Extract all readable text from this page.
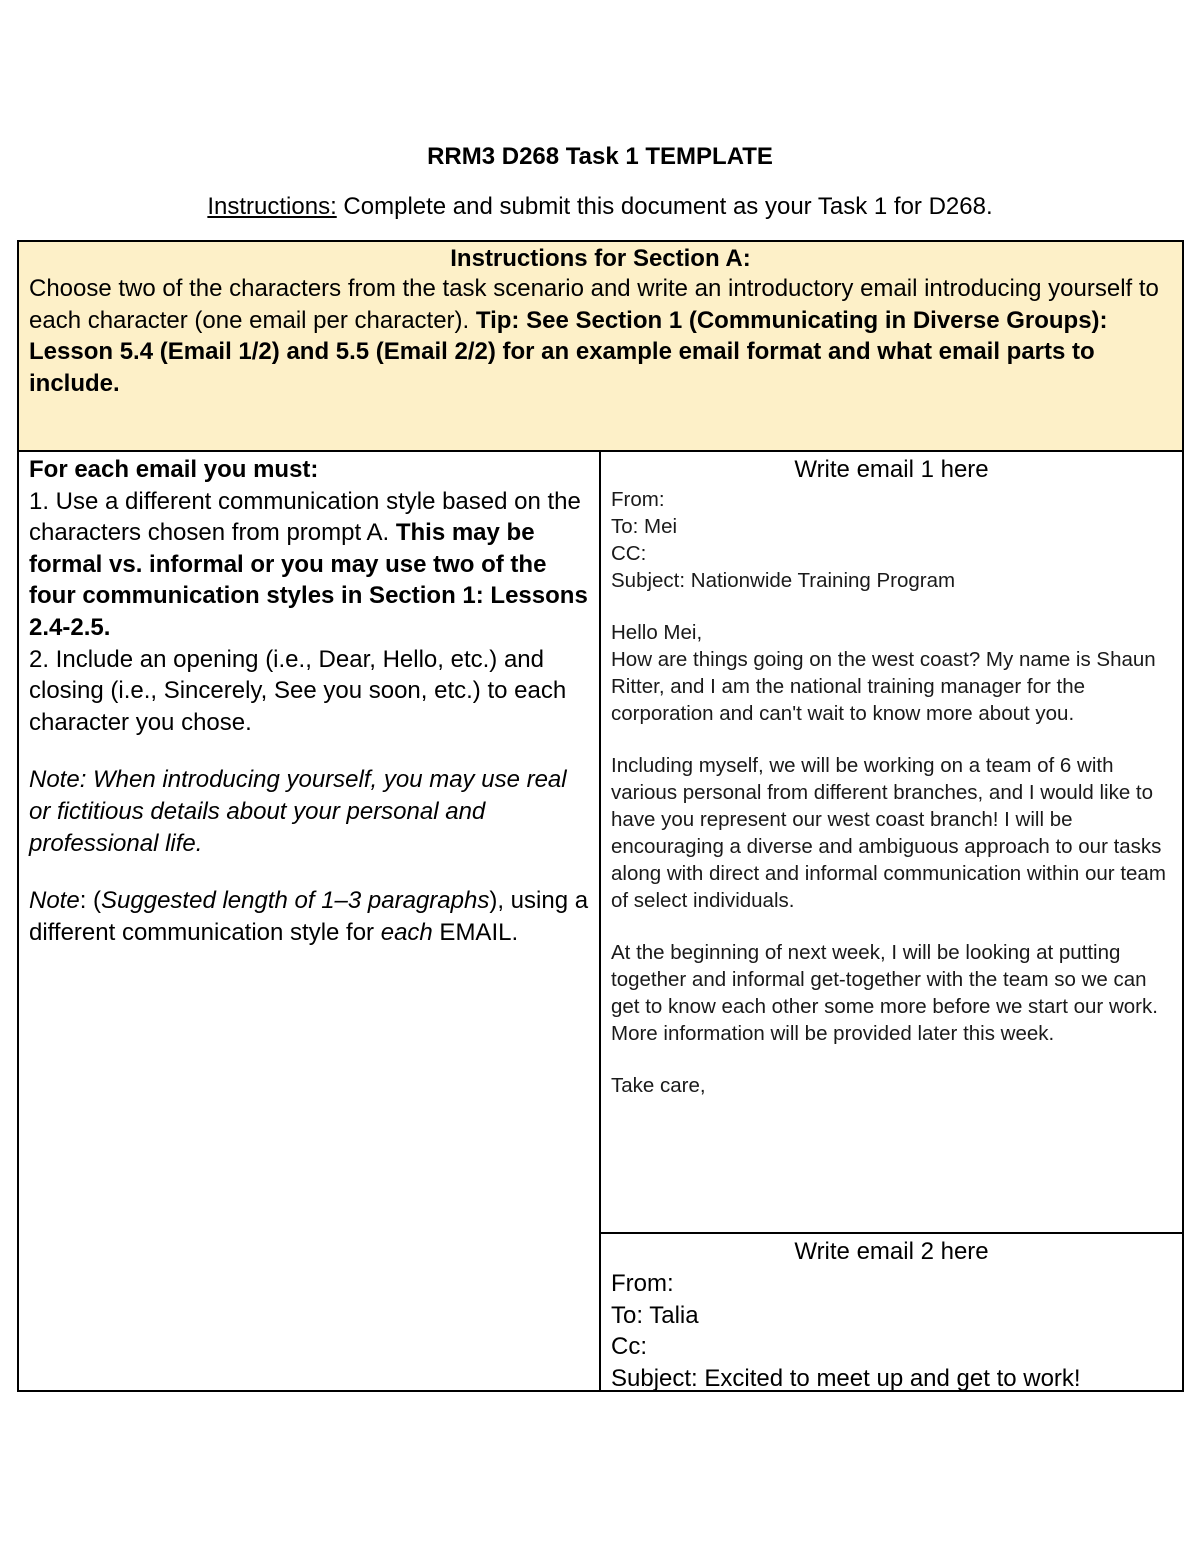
RRM3 D268 Task 1 TEMPLATE
Instructions: Complete and submit this document as your Task 1 for D268.
Instructions for Section A:
Choose two of the characters from the task scenario and write an introductory email introducing yourself to each character (one email per character). Tip: See Section 1 (Communicating in Diverse Groups): Lesson 5.4 (Email 1/2) and 5.5 (Email 2/2) for an example email format and what email parts to include.

For each email you must:

1. Use a different communication style based on the characters chosen from prompt A. This may be formal vs. informal or you may use two of the four communication styles in Section 1: Lessons 2.4-2.5.

2. Include an opening (i.e., Dear, Hello, etc.) and closing (i.e., Sincerely, See you soon, etc.) to each character you chose.

Note: When introducing yourself, you may use real or fictitious details about your personal and professional life.

Note: (Suggested length of 1–3 paragraphs), using a different communication style for each EMAIL.

Write email 1 here

From:

To: Mei

CC:

Subject: Nationwide Training Program

Hello Mei,

How are things going on the west coast? My name is Shaun Ritter, and I am the national training manager for the corporation and can't wait to know more about you.

Including myself, we will be working on a team of 6 with various personal from different branches, and I would like to have you represent our west coast branch! I will be encouraging a diverse and ambiguous approach to our tasks along with direct and informal communication within our team of select individuals.

At the beginning of next week, I will be looking at putting together and informal get-together with the team so we can get to know each other some more before we start our work. More information will be provided later this week.

Take care,

Write email 2 here

From:

To: Talia

Cc:

Subject: Excited to meet up and get to work!
